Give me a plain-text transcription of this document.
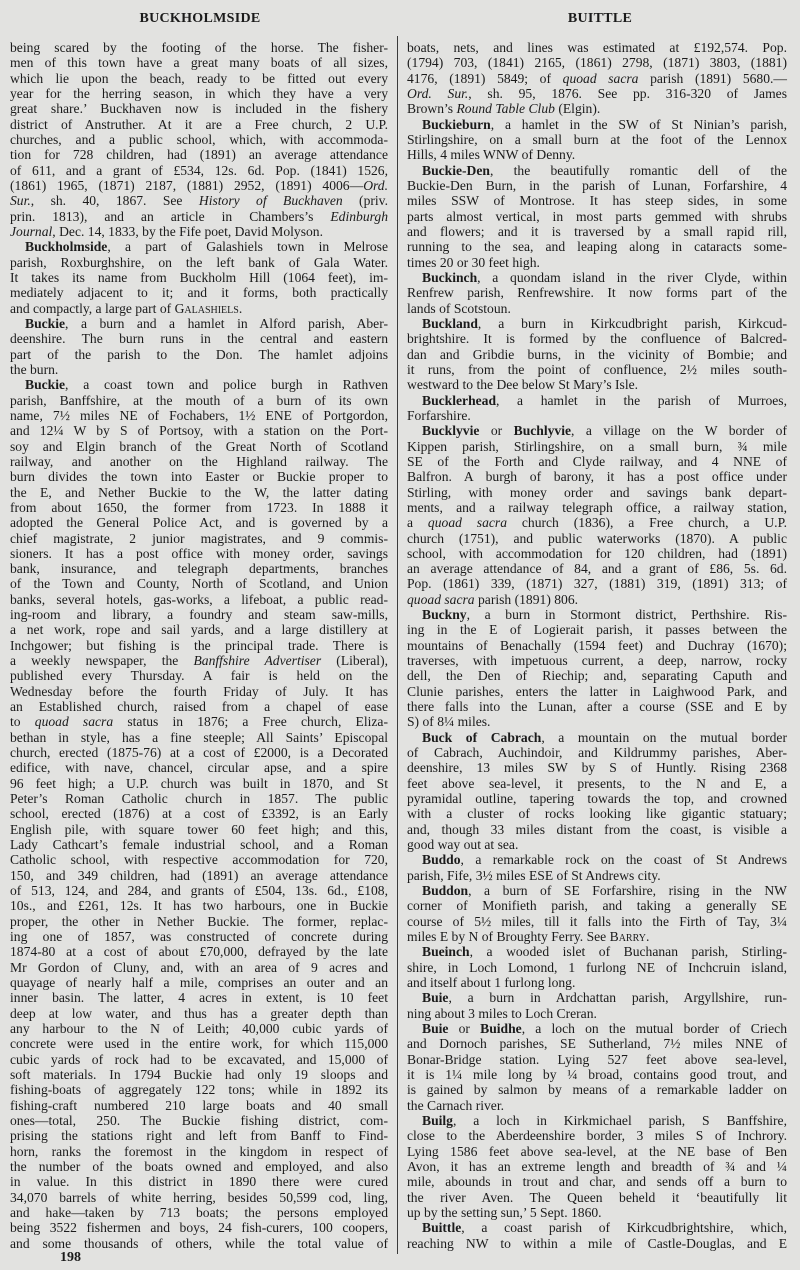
BUCKHOLMSIDE	BUITTLE
being scared by the footing of the horse. The fisher-
men of this town have a great many boats of all sizes,
which lie upon the beach, ready to be fitted out every
year for the herring season, in which they have a very
great share.’ Buckhaven now is included in the fishery
district of Anstruther. At it are a Free church, 2 U.P.
churches, and a public school, which, with accommoda-
tion for 728 children, had (1891) an average attendance
of 611, and a grant of £534, 12s. 6d. Pop. (1841) 1526,
(1861) 1965, (1871) 2187, (1881) 2952, (1891) 4006—Ord.
Sur., sh. 40, 1867. See History of Buckhaven (priv.
prin. 1813), and an article in Chambers’s Edinburgh
Journal, Dec. 14, 1833, by the Fife poet, David Molyson.
Buckholmside, a part of Galashiels town in Melrose
parish, Roxburghshire, on the left bank of Gala Water.
It takes its name from Buckholm Hill (1064 feet), im-
mediately adjacent to it; and it forms, both practically
and compactly, a large part of Galashiels.
Buckie, a burn and a hamlet in Alford parish, Aber-
deenshire. The burn runs in the central and eastern
part of the parish to the Don. The hamlet adjoins
the burn.
Buckie, a coast town and police burgh in Rathven
parish, Banffshire, at the mouth of a burn of its own
name, 7½ miles NE of Fochabers, 1½ ENE of Portgordon,
and 12¼ W by S of Portsoy, with a station on the Port-
soy and Elgin branch of the Great North of Scotland
railway, and another on the Highland railway. The
burn divides the town into Easter or Buckie proper to
the E, and Nether Buckie to the W, the latter dating
from about 1650, the former from 1723. In 1888 it
adopted the General Police Act, and is governed by a
chief magistrate, 2 junior magistrates, and 9 commis-
sioners. It has a post office with money order, savings
bank, insurance, and telegraph departments, branches
of the Town and County, North of Scotland, and Union
banks, several hotels, gas-works, a lifeboat, a public read-
ing-room and library, a foundry and steam saw-mills,
a net work, rope and sail yards, and a large distillery at
Inchgower; but fishing is the principal trade. There is
a weekly newspaper, the Banffshire Advertiser (Liberal),
published every Thursday. A fair is held on the
Wednesday before the fourth Friday of July. It has
an Established church, raised from a chapel of ease
to quoad sacra status in 1876; a Free church, Eliza-
bethan in style, has a fine steeple; All Saints’ Episcopal
church, erected (1875-76) at a cost of £2000, is a Decorated
edifice, with nave, chancel, circular apse, and a spire
96 feet high; a U.P. church was built in 1870, and St
Peter’s Roman Catholic church in 1857. The public
school, erected (1876) at a cost of £3392, is an Early
English pile, with square tower 60 feet high; and this,
Lady Cathcart’s female industrial school, and a Roman
Catholic school, with respective accommodation for 720,
150, and 349 children, had (1891) an average attendance
of 513, 124, and 284, and grants of £504, 13s. 6d., £108,
10s., and £261, 12s. It has two harbours, one in Buckie
proper, the other in Nether Buckie. The former, replac-
ing one of 1857, was constructed of concrete during
1874-80 at a cost of about £70,000, defrayed by the late
Mr Gordon of Cluny, and, with an area of 9 acres and
quayage of nearly half a mile, comprises an outer and an
inner basin. The latter, 4 acres in extent, is 10 feet
deep at low water, and thus has a greater depth than
any harbour to the N of Leith; 40,000 cubic yards of
concrete were used in the entire work, for which 115,000
cubic yards of rock had to be excavated, and 15,000 of
soft materials. In 1794 Buckie had only 19 sloops and
fishing-boats of aggregately 122 tons; while in 1892 its
fishing-craft numbered 210 large boats and 40 small
ones—total, 250. The Buckie fishing district, com-
prising the stations right and left from Banff to Find-
horn, ranks the foremost in the kingdom in respect of
the number of the boats owned and employed, and also
in value. In this district in 1890 there were cured
34,070 barrels of white herring, besides 50,599 cod, ling,
and hake—taken by 713 boats; the persons employed
being 3522 fishermen and boys, 24 fish-curers, 100 coopers,
and some thousands of others, while the total value of
boats, nets, and lines was estimated at £192,574. Pop.
(1794) 703, (1841) 2165, (1861) 2798, (1871) 3803, (1881)
4176, (1891) 5849; of quoad sacra parish (1891) 5680.—
Ord. Sur., sh. 95, 1876. See pp. 316-320 of James
Brown’s Round Table Club (Elgin).
Buckieburn, a hamlet in the SW of St Ninian’s parish,
Stirlingshire, on a small burn at the foot of the Lennox
Hills, 4 miles WNW of Denny.
Buckie-Den, the beautifully romantic dell of the
Buckie-Den Burn, in the parish of Lunan, Forfarshire, 4
miles SSW of Montrose. It has steep sides, in some
parts almost vertical, in most parts gemmed with shrubs
and flowers; and it is traversed by a small rapid rill,
running to the sea, and leaping along in cataracts some-
times 20 or 30 feet high.
Buckinch, a quondam island in the river Clyde, within
Renfrew parish, Renfrewshire. It now forms part of the
lands of Scotstoun.
Buckland, a burn in Kirkcudbright parish, Kirkcud-
brightshire. It is formed by the confluence of Balcred-
dan and Gribdie burns, in the vicinity of Bombie; and
it runs, from the point of confluence, 2½ miles south-
westward to the Dee below St Mary’s Isle.
Bucklerhead, a hamlet in the parish of Murroes,
Forfarshire.
Bucklyvie or Buchlyvie, a village on the W border of
Kippen parish, Stirlingshire, on a small burn, ¾ mile
SE of the Forth and Clyde railway, and 4 NNE of
Balfron. A burgh of barony, it has a post office under
Stirling, with money order and savings bank depart-
ments, and a railway telegraph office, a railway station,
a quoad sacra church (1836), a Free church, a U.P.
church (1751), and public waterworks (1870). A public
school, with accommodation for 120 children, had (1891)
an average attendance of 84, and a grant of £86, 5s. 6d.
Pop. (1861) 339, (1871) 327, (1881) 319, (1891) 313; of
quoad sacra parish (1891) 806.
Buckny, a burn in Stormont district, Perthshire. Ris-
ing in the E of Logierait parish, it passes between the
mountains of Benachally (1594 feet) and Duchray (1670);
traverses, with impetuous current, a deep, narrow, rocky
dell, the Den of Riechip; and, separating Caputh and
Clunie parishes, enters the latter in Laighwood Park, and
there falls into the Lunan, after a course (SSE and E by
S) of 8¼ miles.
Buck of Cabrach, a mountain on the mutual border
of Cabrach, Auchindoir, and Kildrummy parishes, Aber-
deenshire, 13 miles SW by S of Huntly. Rising 2368
feet above sea-level, it presents, to the N and E, a
pyramidal outline, tapering towards the top, and crowned
with a cluster of rocks looking like gigantic statuary;
and, though 33 miles distant from the coast, is visible a
good way out at sea.
Buddo, a remarkable rock on the coast of St Andrews
parish, Fife, 3½ miles ESE of St Andrews city.
Buddon, a burn of SE Forfarshire, rising in the NW
corner of Monifieth parish, and taking a generally SE
course of 5½ miles, till it falls into the Firth of Tay, 3¼
miles E by N of Broughty Ferry. See Barry.
Bueinch, a wooded islet of Buchanan parish, Stirling-
shire, in Loch Lomond, 1 furlong NE of Inchcruin island,
and itself about 1 furlong long.
Buie, a burn in Ardchattan parish, Argyllshire, run-
ning about 3 miles to Loch Creran.
Buie or Buidhe, a loch on the mutual border of Criech
and Dornoch parishes, SE Sutherland, 7½ miles NNE of
Bonar-Bridge station. Lying 527 feet above sea-level,
it is 1¼ mile long by ¼ broad, contains good trout, and
is gained by salmon by means of a remarkable ladder on
the Carnach river.
Builg, a loch in Kirkmichael parish, S Banffshire,
close to the Aberdeenshire border, 3 miles S of Inchrory.
Lying 1586 feet above sea-level, at the NE base of Ben
Avon, it has an extreme length and breadth of ¾ and ¼
mile, abounds in trout and char, and sends off a burn to
the river Aven. The Queen beheld it ‘beautifully lit
up by the setting sun,’ 5 Sept. 1860.
Buittle, a coast parish of Kirkcudbrightshire, which,
reaching NW to within a mile of Castle-Douglas, and E
198
